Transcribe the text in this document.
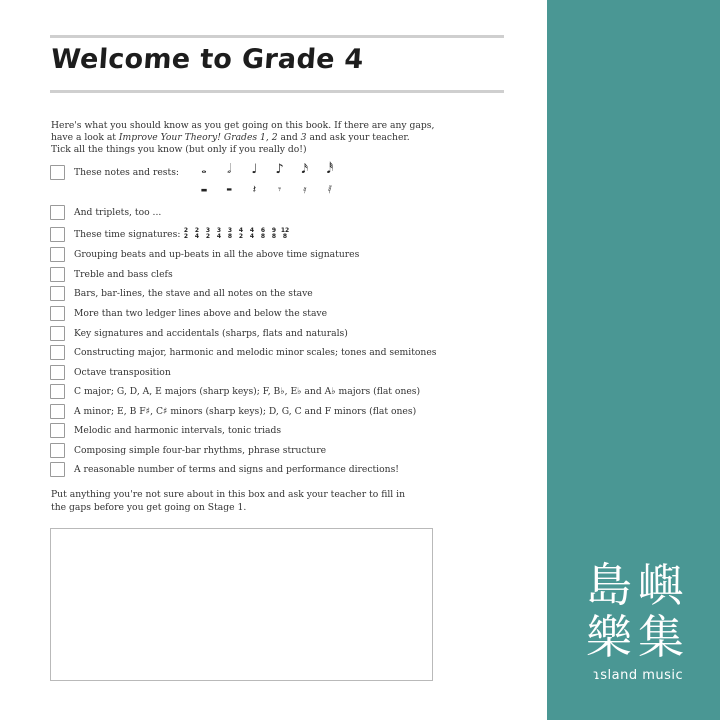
Welcome to Grade 4
Here's what you should know as you get going on this book. If there are any gaps,
have a look at Improve Your Theory! Grades 1, 2 and 3 and ask your teacher.
Tick all the things you know (but only if you really do!)
These notes and rests:
And triplets, too ...
These time signatures:
Grouping beats and up-beats in all the above time signatures
Treble and bass clefs
Bars, bar-lines, the stave and all notes on the stave
More than two ledger lines above and below the stave
Key signatures and accidentals (sharps, flats and naturals)
Constructing major, harmonic and melodic minor scales; tones and semitones
Octave transposition
C major; G, D, A, E majors (sharp keys); F, B♭, E♭ and A♭ majors (flat ones)
A minor; E, B F♯, C♯ minors (sharp keys); D, G, C and F minors (flat ones)
Melodic and harmonic intervals, tonic triads
Composing simple four-bar rhythms, phrase structure
A reasonable number of terms and signs and performance directions!
𝅝	𝅗𝅥	♩	♪ 𝅘𝅥𝅯 𝅘𝅥𝅰
▬	▬	𝄽	𝄾	𝄿	𝅀
2
2
2
4
3
2
3
4
3
8
4
2
4
4
6
8
9
8
12
8
Put anything you're not sure about in this box and ask your teacher to fill in
the gaps before you get going on Stage 1.
島 嶼
樂 集
ɿsland music
